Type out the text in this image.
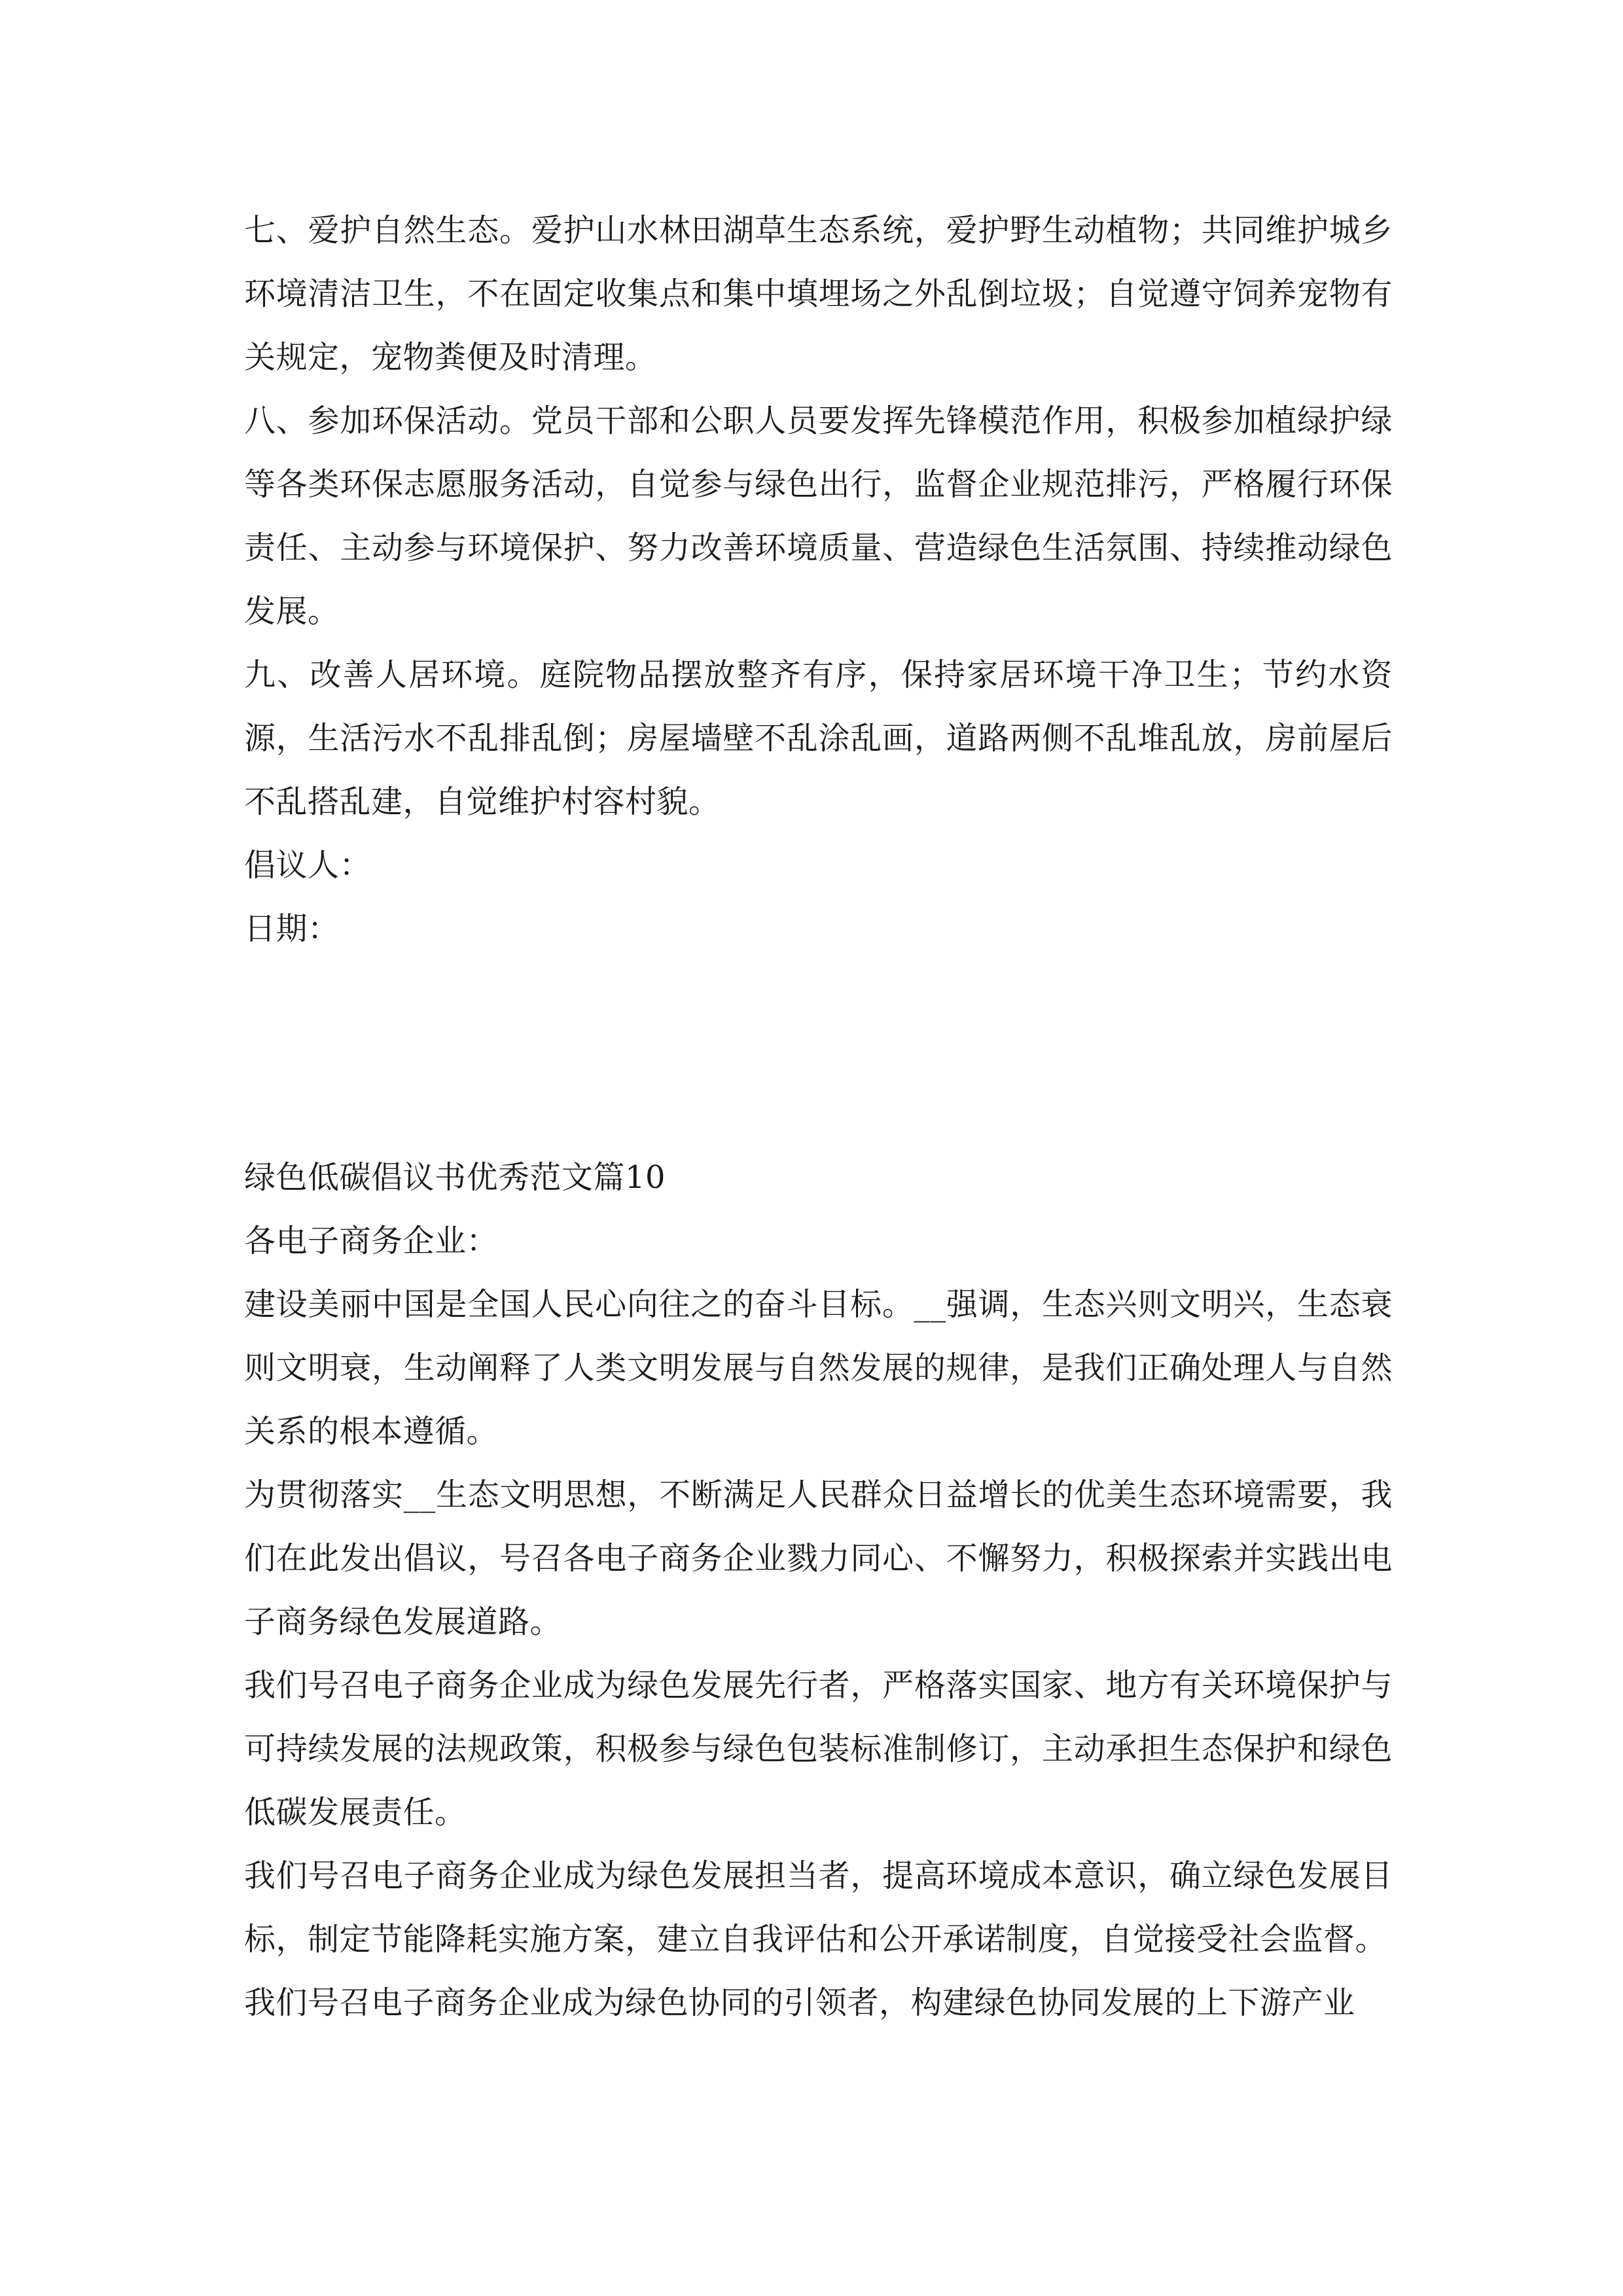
七、爱护自然生态。爱护山水林田湖草生态系统，爱护野生动植物；共同维护城乡环境清洁卫生，不在固定收集点和集中填埋场之外乱倒垃圾；自觉遵守饲养宠物有关规定，宠物粪便及时清理。

八、参加环保活动。党员干部和公职人员要发挥先锋模范作用，积极参加植绿护绿等各类环保志愿服务活动，自觉参与绿色出行，监督企业规范排污，严格履行环保责任、主动参与环境保护、努力改善环境质量、营造绿色生活氛围、持续推动绿色发展。

九、改善人居环境。庭院物品摆放整齐有序，保持家居环境干净卫生；节约水资源，生活污水不乱排乱倒；房屋墙壁不乱涂乱画，道路两侧不乱堆乱放，房前屋后不乱搭乱建，自觉维护村容村貌。

倡议人：

日期：

绿色低碳倡议书优秀范文篇10

各电子商务企业：

建设美丽中国是全国人民心向往之的奋斗目标。__强调，生态兴则文明兴，生态衰则文明衰，生动阐释了人类文明发展与自然发展的规律，是我们正确处理人与自然关系的根本遵循。

为贯彻落实__生态文明思想，不断满足人民群众日益增长的优美生态环境需要，我们在此发出倡议，号召各电子商务企业戮力同心、不懈努力，积极探索并实践出电子商务绿色发展道路。

我们号召电子商务企业成为绿色发展先行者，严格落实国家、地方有关环境保护与可持续发展的法规政策，积极参与绿色包装标准制修订，主动承担生态保护和绿色低碳发展责任。

我们号召电子商务企业成为绿色发展担当者，提高环境成本意识，确立绿色发展目标，制定节能降耗实施方案，建立自我评估和公开承诺制度，自觉接受社会监督。

我们号召电子商务企业成为绿色协同的引领者，构建绿色协同发展的上下游产业
